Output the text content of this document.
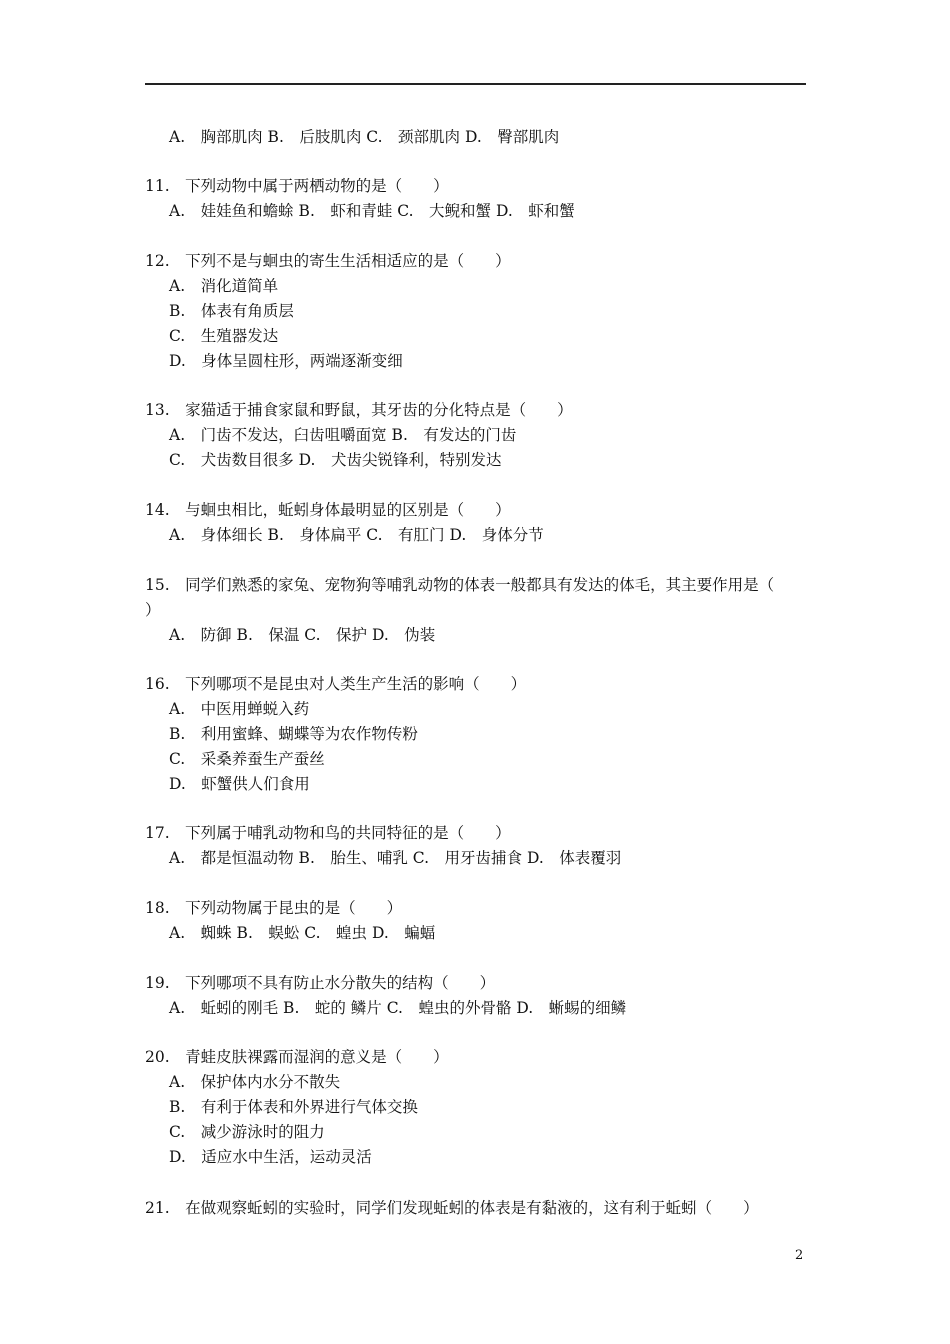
A.　胸部肌肉 B.　后肢肌肉 C.　颈部肌肉 D.　臀部肌肉
11.　下列动物中属于两栖动物的是（　　）
A.　娃娃鱼和蟾蜍 B.　虾和青蛙 C.　大鲵和蟹 D.　虾和蟹
12.　下列不是与蛔虫的寄生生活相适应的是（　　）
A.　消化道简单
B.　体表有角质层
C.　生殖器发达
D.　身体呈圆柱形，两端逐渐变细
13.　家猫适于捕食家鼠和野鼠，其牙齿的分化特点是（　　）
A.　门齿不发达，臼齿咀嚼面宽 B.　有发达的门齿
C.　犬齿数目很多 D.　犬齿尖锐锋利，特别发达
14.　与蛔虫相比，蚯蚓身体最明显的区别是（　　）
A.　身体细长 B.　身体扁平 C.　有肛门 D.　身体分节
15.　同学们熟悉的家兔、宠物狗等哺乳动物的体表一般都具有发达的体毛，其主要作用是（
）
A.　防御 B.　保温 C.　保护 D.　伪装
16.　下列哪项不是昆虫对人类生产生活的影响（　　）
A.　中医用蝉蜕入药
B.　利用蜜蜂、蝴蝶等为农作物传粉
C.　采桑养蚕生产蚕丝
D.　虾蟹供人们食用
17.　下列属于哺乳动物和鸟的共同特征的是（　　）
A.　都是恒温动物 B.　胎生、哺乳 C.　用牙齿捕食 D.　体表覆羽
18.　下列动物属于昆虫的是（　　）
A.　蜘蛛 B.　蜈蚣 C.　蝗虫 D.　蝙蝠
19.　下列哪项不具有防止水分散失的结构（　　）
A.　蚯蚓的刚毛 B.　蛇的 鳞片 C.　蝗虫的外骨骼 D.　蜥蜴的细鳞
20.　青蛙皮肤裸露而湿润的意义是（　　）
A.　保护体内水分不散失
B.　有利于体表和外界进行气体交换
C.　减少游泳时的阻力
D.　适应水中生活，运动灵活
21.　在做观察蚯蚓的实验时，同学们发现蚯蚓的体表是有黏液的，这有利于蚯蚓（　　）
2
